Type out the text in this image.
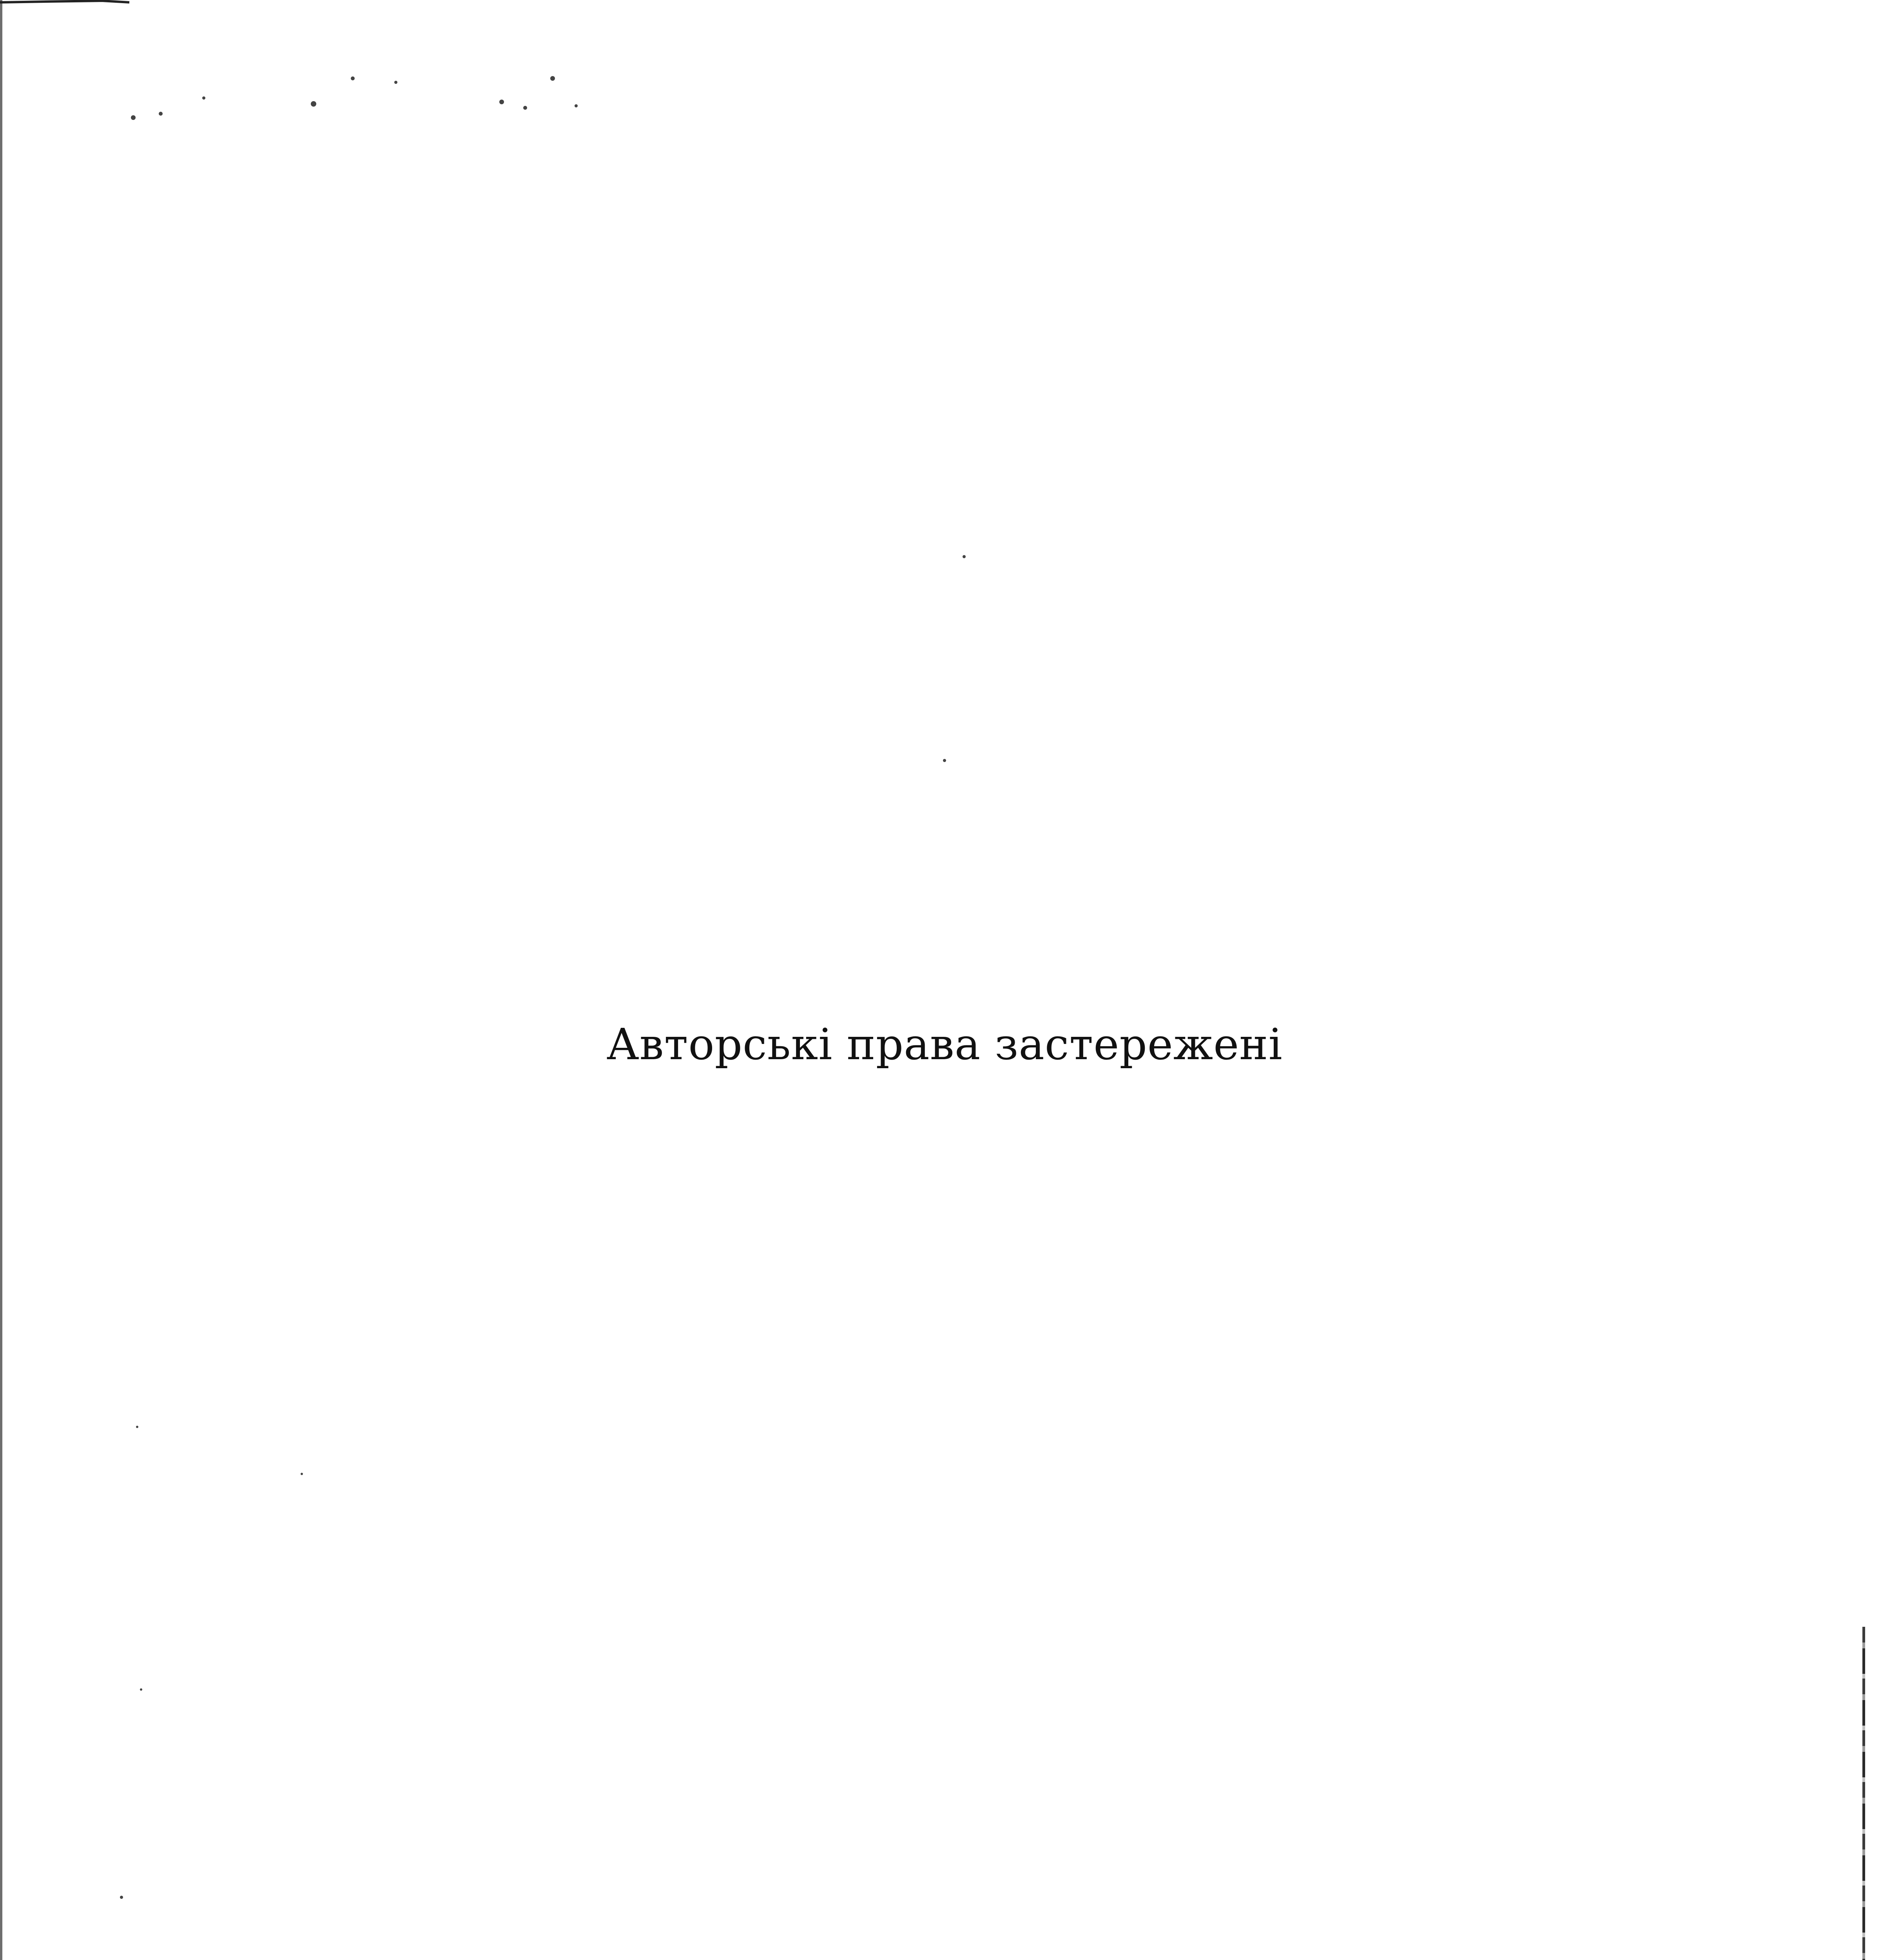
Авторські права застережені
